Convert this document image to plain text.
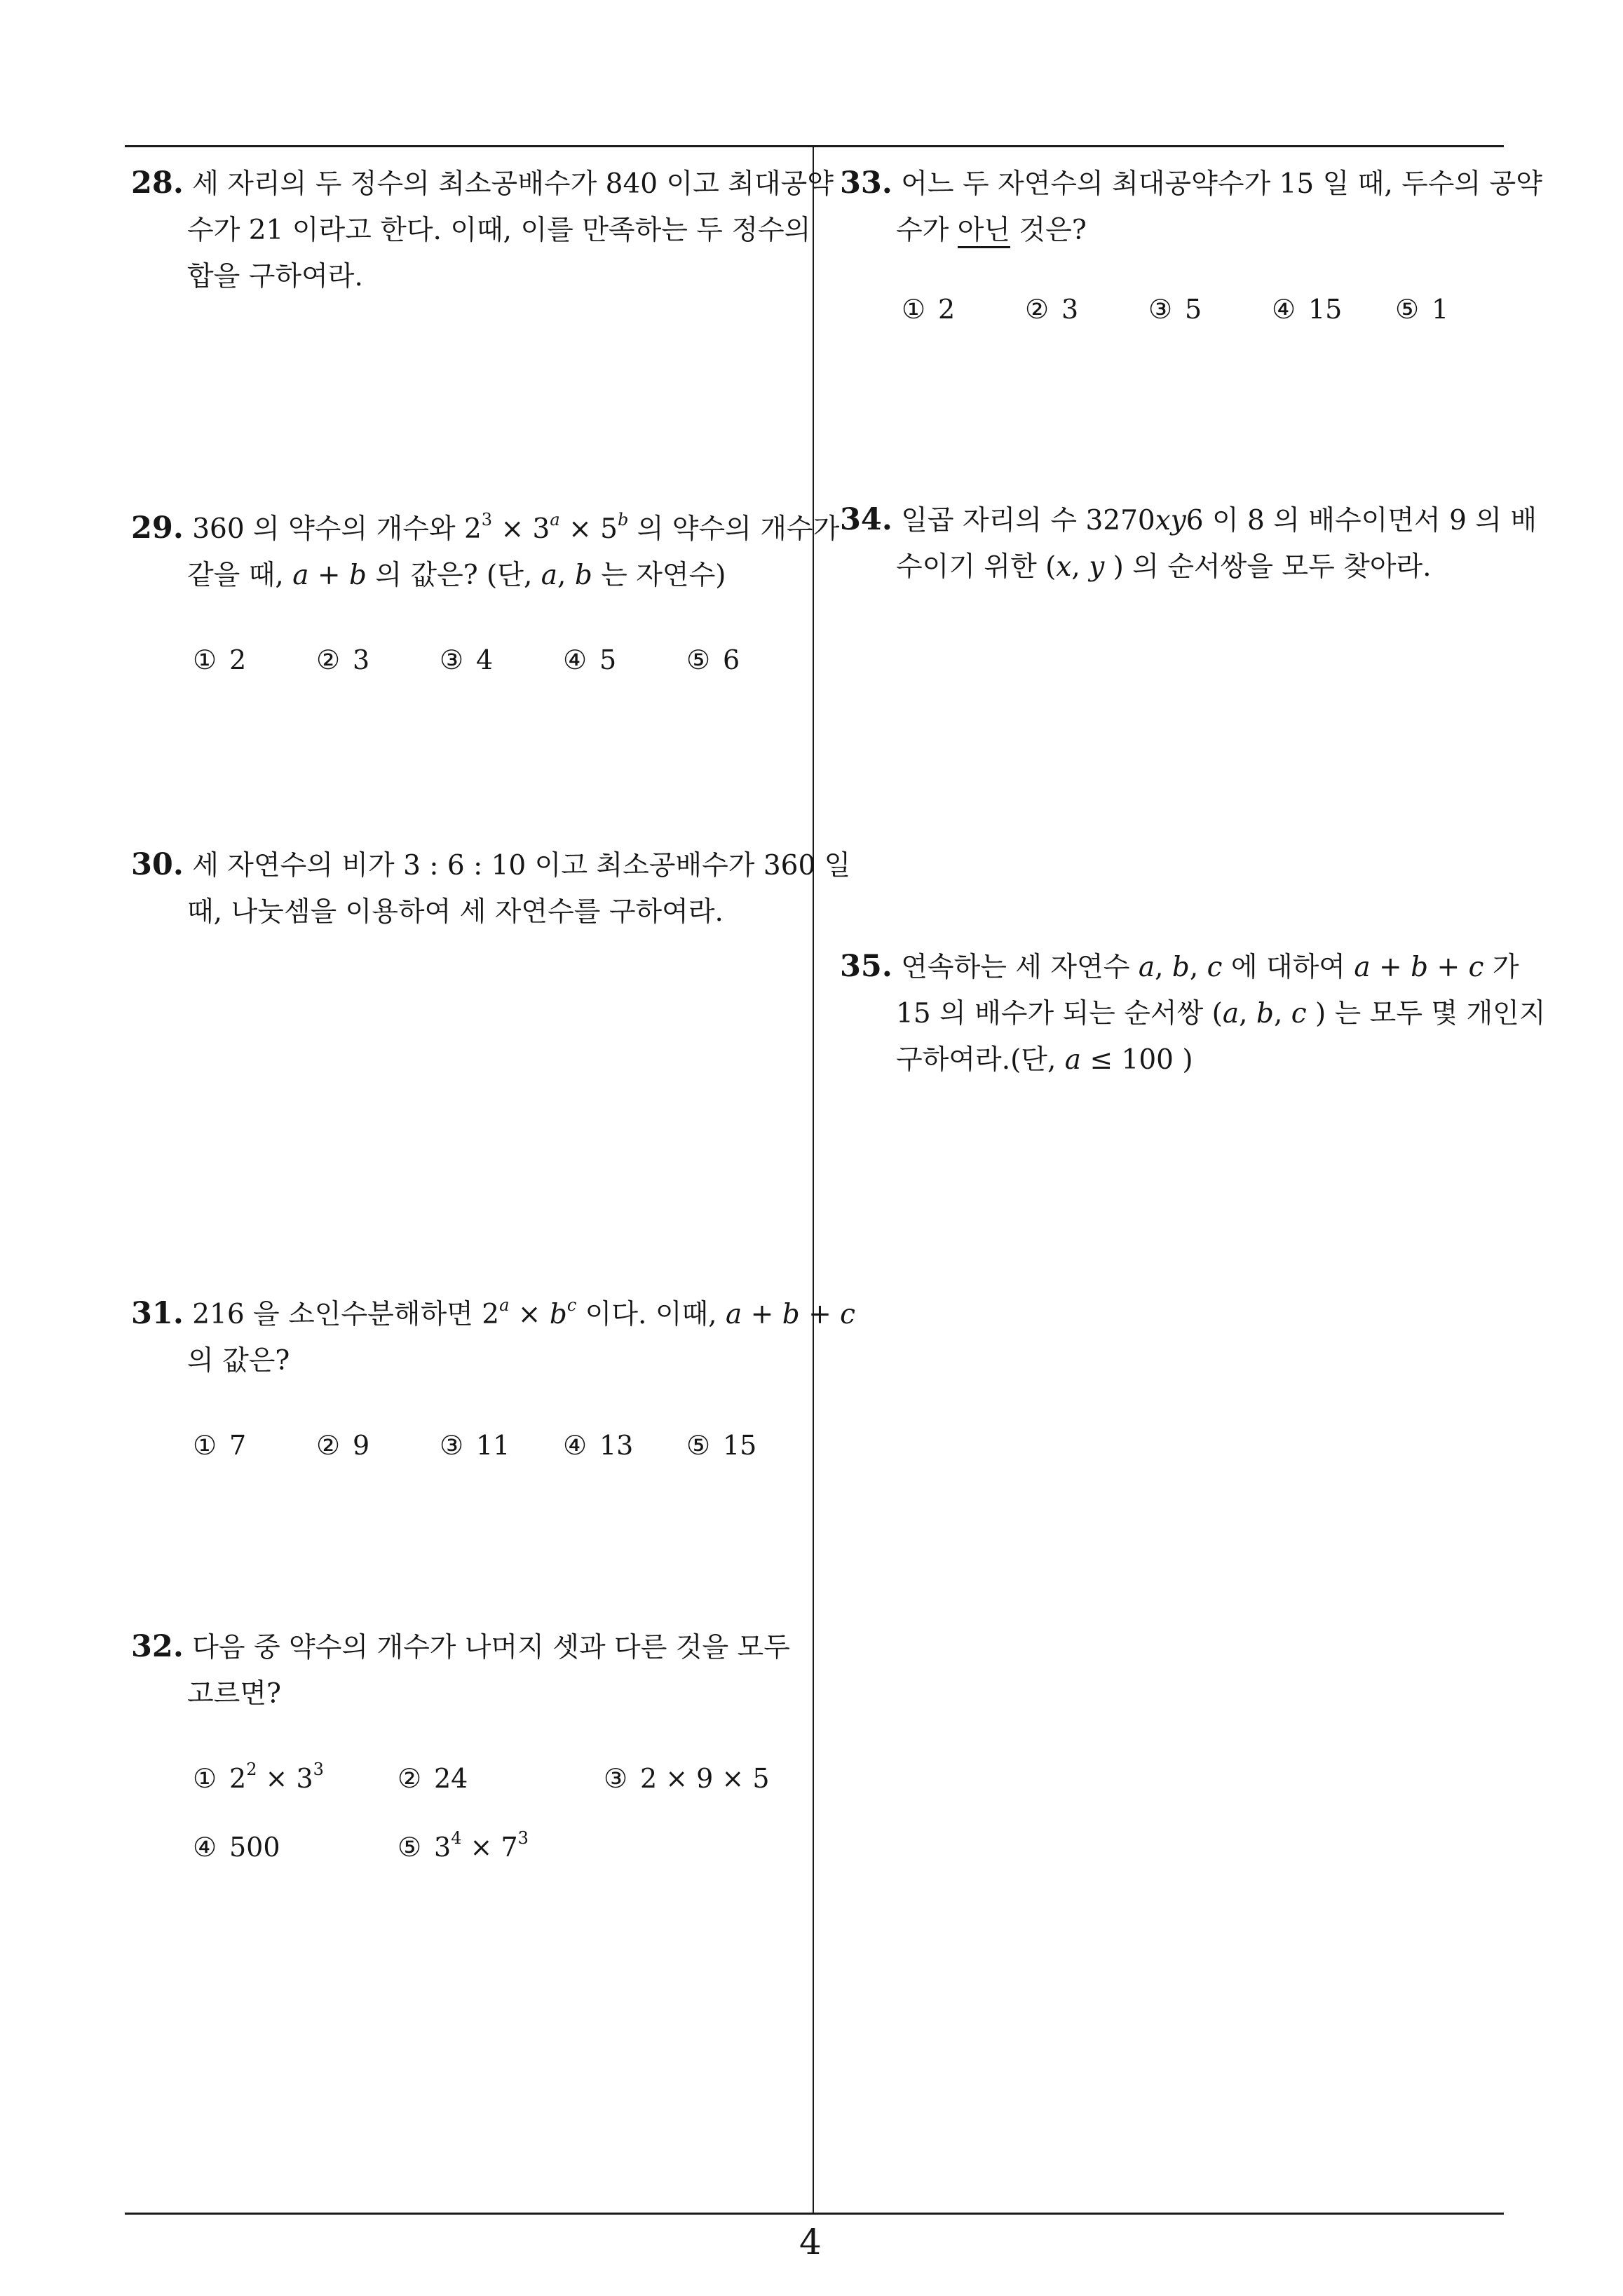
28. 세 자리의 두 정수의 최소공배수가 840 이고 최대공약
수가 21 이라고 한다. 이때, 이를 만족하는 두 정수의
합을 구하여라.
29. 360 의 약수의 개수와 $2^3 \times 3^a \times 5^b$ 의 약수의 개수가
같을 때, a + b 의 값은? (단, a, b 는 자연수)
① 2	② 3	③ 4	④ 5	⑤ 6
30. 세 자연수의 비가 3 : 6 : 10 이고 최소공배수가 360 일
때, 나눗셈을 이용하여 세 자연수를 구하여라.
31. 216 을 소인수분해하면 $2^a \times b^c$ 이다. 이때, a + b + c
의 값은?
① 7	② 9	③ 11 ④ 13 ⑤ 15
32. 다음 중 약수의 개수가 나머지 셋과 다른 것을 모두
고르면?
① $2^2 \times 3^3$	② 24	③ 2 × 9 × 5
④ 500	⑤ $3^4 \times 7^3$
33. 어느 두 자연수의 최대공약수가 15 일 때, 두수의 공약
수가 아닌 것은?
① 2	② 3	③ 5	④ 15 ⑤ 1
34. 일곱 자리의 수 3270xy6 이 8 의 배수이면서 9 의 배
수이기 위한 (x, y ) 의 순서쌍을 모두 찾아라.
35. 연속하는 세 자연수 a, b, c 에 대하여 a + b + c 가
15 의 배수가 되는 순서쌍 (a, b, c ) 는 모두 몇 개인지
구하여라.(단, a ≤ 100 )
4
